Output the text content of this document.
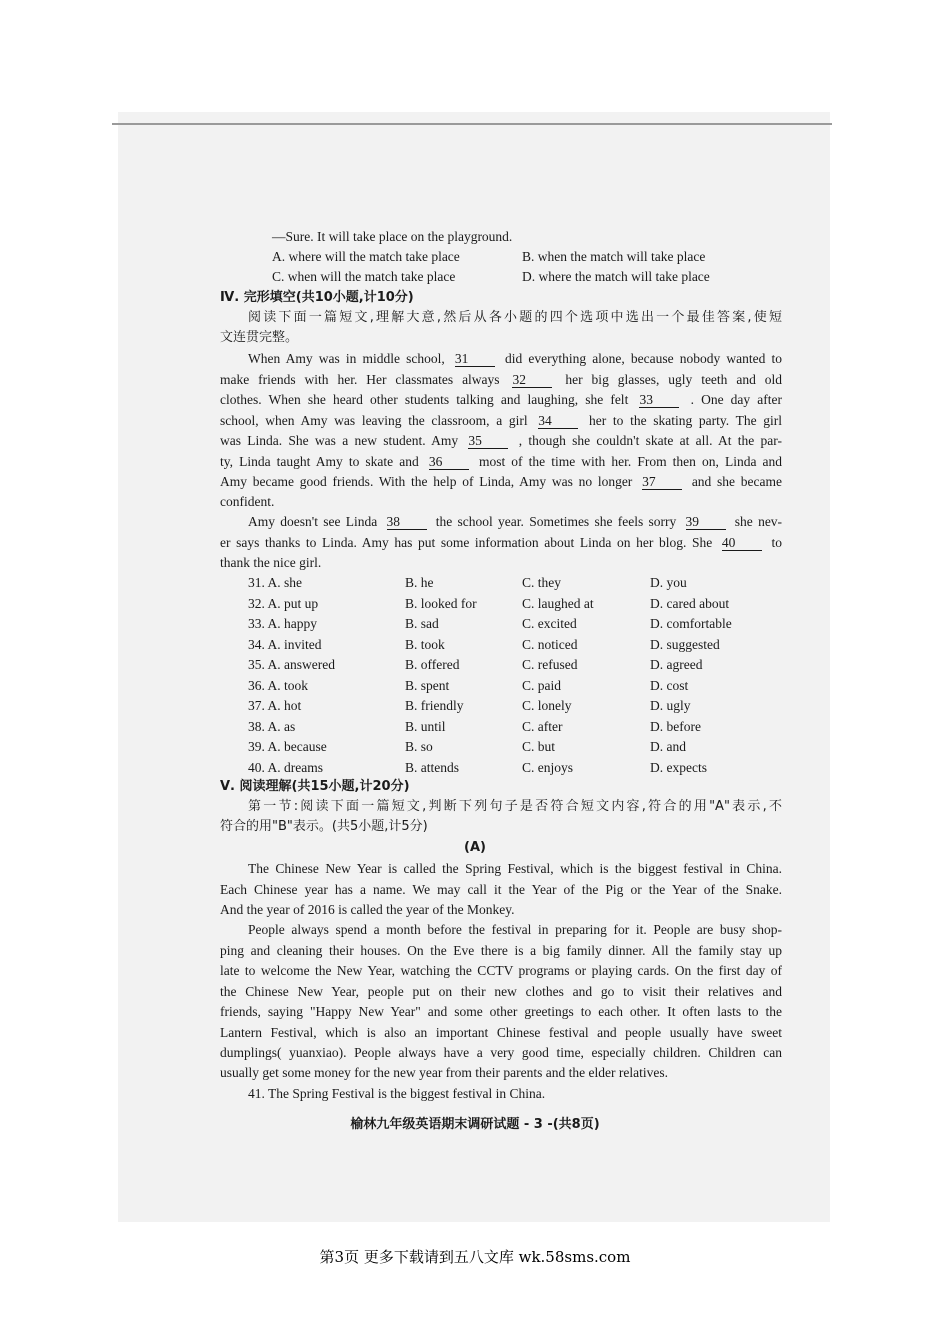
—Sure. It will take place on the playground.
A. where will the match take place	B. when the match will take place
C. when will the match take place	D. where the match will take place
Ⅳ. 完形填空(共10小题,计10分)
阅读下面一篇短文,理解大意,然后从各小题的四个选项中选出一个最佳答案,使短
文连贯完整。
When Amy was in middle school, 31	did everything alone, because nobody wanted to
make friends with her. Her classmates always 32	her big glasses, ugly teeth and old
clothes. When she heard other students talking and laughing, she felt 33	. One day after
school, when Amy was leaving the classroom, a girl 34	her to the skating party. The girl
was Linda. She was a new student. Amy 35	, though she couldn't skate at all. At the par-
ty, Linda taught Amy to skate and 36	most of the time with her. From then on, Linda and
Amy became good friends. With the help of Linda, Amy was no longer 37	and she became
confident.
Amy doesn't see Linda 38	the school year. Sometimes she feels sorry 39	she nev-
er says thanks to Linda. Amy has put some information about Linda on her blog. She 40	to
thank the nice girl.
31. A. she	B. he	C. they	D. you
32. A. put up	B. looked for	C. laughed at	D. cared about
33. A. happy	B. sad	C. excited	D. comfortable
34. A. invited	B. took	C. noticed	D. suggested
35. A. answered	B. offered	C. refused	D. agreed
36. A. took	B. spent	C. paid	D. cost
37. A. hot	B. friendly	C. lonely	D. ugly
38. A. as	B. until	C. after	D. before
39. A. because	B. so	C. but	D. and
40. A. dreams	B. attends	C. enjoys	D. expects
Ⅴ. 阅读理解(共15小题,计20分)
第一节:阅读下面一篇短文,判断下列句子是否符合短文内容,符合的用"A"表示,不
符合的用"B"表示。(共5小题,计5分)
(A)
The Chinese New Year is called the Spring Festival, which is the biggest festival in China.
Each Chinese year has a name. We may call it the Year of the Pig or the Year of the Snake.
And the year of 2016 is called the year of the Monkey.
People always spend a month before the festival in preparing for it. People are busy shop-
ping and cleaning their houses. On the Eve there is a big family dinner. All the family stay up
late to welcome the New Year, watching the CCTV programs or playing cards. On the first day of
the Chinese New Year, people put on their new clothes and go to visit their relatives and
friends, saying "Happy New Year" and some other greetings to each other. It often lasts to the
Lantern Festival, which is also an important Chinese festival and people usually have sweet
dumplings( yuanxiao). People always have a very good time, especially children. Children can
usually get some money for the new year from their parents and the elder relatives.
41. The Spring Festival is the biggest festival in China.
榆林九年级英语期末调研试题 - 3 -(共8页)
第3页 更多下载请到五八文库 wk.58sms.com
